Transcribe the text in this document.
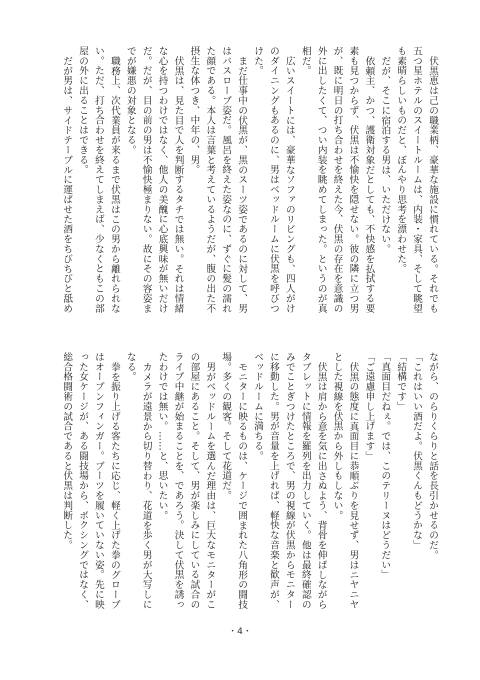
伏黒恵は己の職業柄、豪華な施設に慣れている。それでも五つ星ホテルのスイートルームは、内装・家具、そして眺望も素晴らしいものだと、ぼんやり思考を漂わせた。

だが、そこに宿泊する男は、いただけない。

依頼主、かつ、護衛対象だとしても、不快感を払拭する要素も見つからず、伏黒は不愉快を隠せない。彼の隣に立つ男が、既に明日の打ち合わせを終えた今、伏黒の存在を意識の外に出したくて、つい内装を眺めてしまった。というのが真相だ。

広いスイートには、豪華なソファのリビングも、四人がけのダイニングもあるのに、男はベッドルームに伏黒を呼びつけた。

まだ仕事中の伏黒が、黒のスーツ姿であるのに対して、男はバスローブ姿だ。風呂を終えた姿なのに、ずぐに髪の濡れた顔である。本人は言葉と考えているようだが、腹の出た不摂生な体つき、中年の、男。

伏黒は、見た目で人を判断するタチでは無い。それは情緒な心を持つわけではなく、他人の美醜に心底興味が無いだけだ。だが、目の前の男は不愉快極まりない。故にその容姿までが嫌悪の対象となる。

職務上、次代業員が来るまで伏黒はこの男から離れられない。ただ、打ち合わせを終えてしまえば、少なくともこの部屋の外に出ることはできる。

だが男は、サイドテーブルに運ばせた酒をちびちびと舐め

ながら、のらりくらりと話を長引かせるのだ。

「これはいい酒だよ。伏黒くんもどうかな」

「結構です」

「真面目だねぇ。では、このテリーヌはどうだい」

「ご遠慮申し上げます」

伏黒の態度に真面目に恭順ぶりを見せず、男はニヤニヤとした視線を伏黒から外しもしない。

伏黒は肩から意を気に出さぬよう、背骨を伸ばしながらタブレットに情報を羅列を出力していく。他は最終確認のみでことぎつけたところで、男の視線が伏黒からモニターに移動した。男が音量を上げれば、軽快な音楽と歓声が、ベッドルームに満ちる。

モニターに映るものは、ケージで囲まれた八角形の闘技場。多くの観客。そして花道だ。

男がベッドルームを選んだ理由は、巨大なモニターがこの部屋にあること。そして、男が楽しみにしている試合のライブ中継が始まることを、であろう。決して伏黒を誘ったわけでは無い。……と、思いたい。

カメラが遠景から切り替わり、花道を歩く男が大写しになる。

拳を振り上げる客たちに応じ、軽く上げた拳のグローブはオープンフィンガー。ブーツを履いていない姿。先に映った女ケージが、ある闘技場から、ボクシングではなく、総合格闘術の試合であると伏黒は判断した。

・4・
